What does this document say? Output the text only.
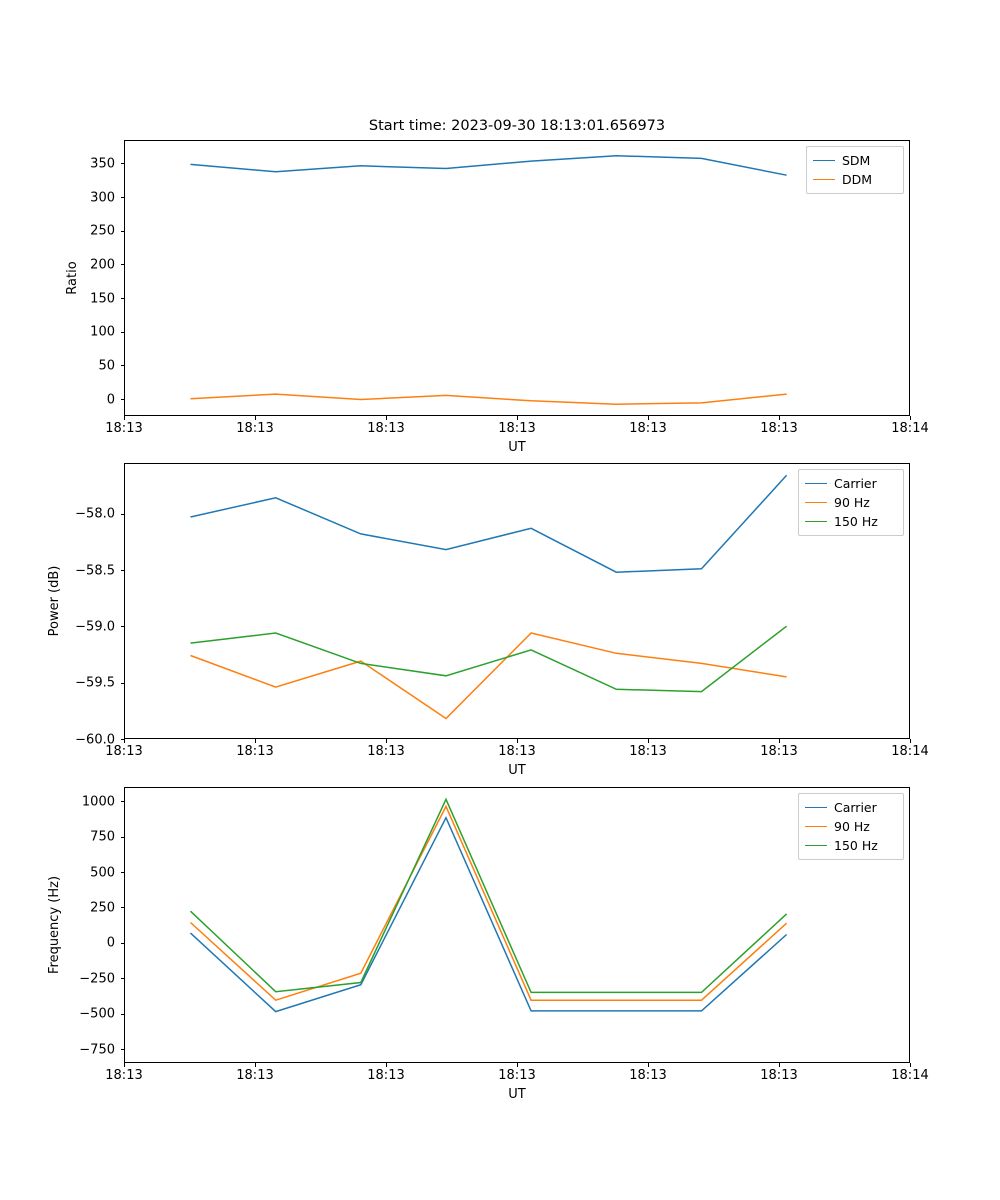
Start time: 2023-09-30 18:13:01.656973
18:13	18:13	18:13	18:13	18:13	18:13	18:14
0
50
100
150
200
250
300
350
UT
Ratio
SDM
DDM
18:13	18:13	18:13	18:13	18:13	18:13	18:14
−60.0
−59.5
−59.0
−58.5
−58.0
UT
Power (dB)
Carrier
90 Hz
150 Hz
18:13	18:13	18:13	18:13	18:13	18:13	18:14
−750
−500
−250
0
250
500
750
1000
UT
Frequency (Hz)
Carrier
90 Hz
150 Hz
